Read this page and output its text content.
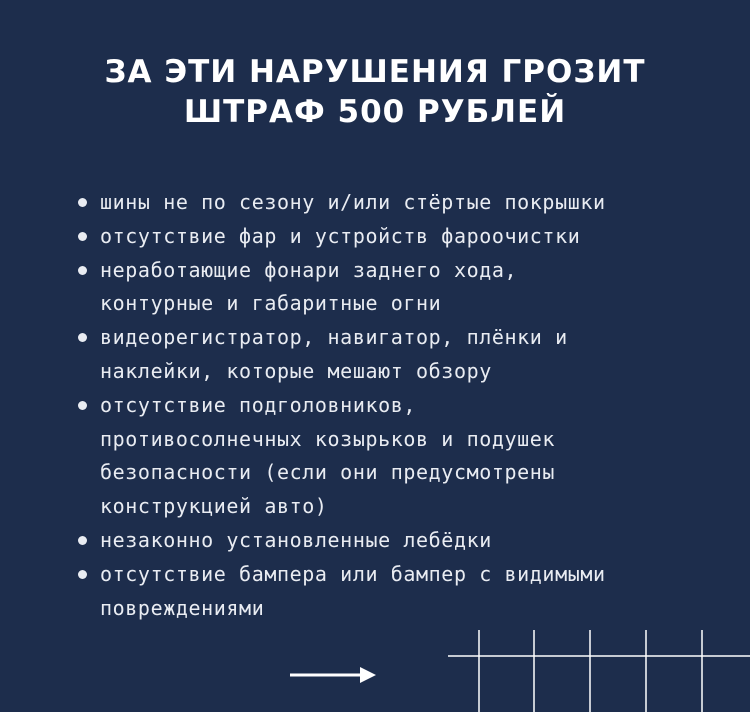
ЗА ЭТИ НАРУШЕНИЯ ГРОЗИТ
ШТРАФ 500 РУБЛЕЙ
шины не по сезону и/или стёртые покрышки
отсутствие фар и устройств фароочистки
неработающие фонари заднего хода,
контурные и габаритные огни
видеорегистратор, навигатор, плёнки и
наклейки, которые мешают обзору
отсутствие подголовников,
противосолнечных козырьков и подушек
безопасности (если они предусмотрены
конструкцией авто)
незаконно установленные лебёдки
отсутствие бампера или бампер с видимыми
повреждениями
